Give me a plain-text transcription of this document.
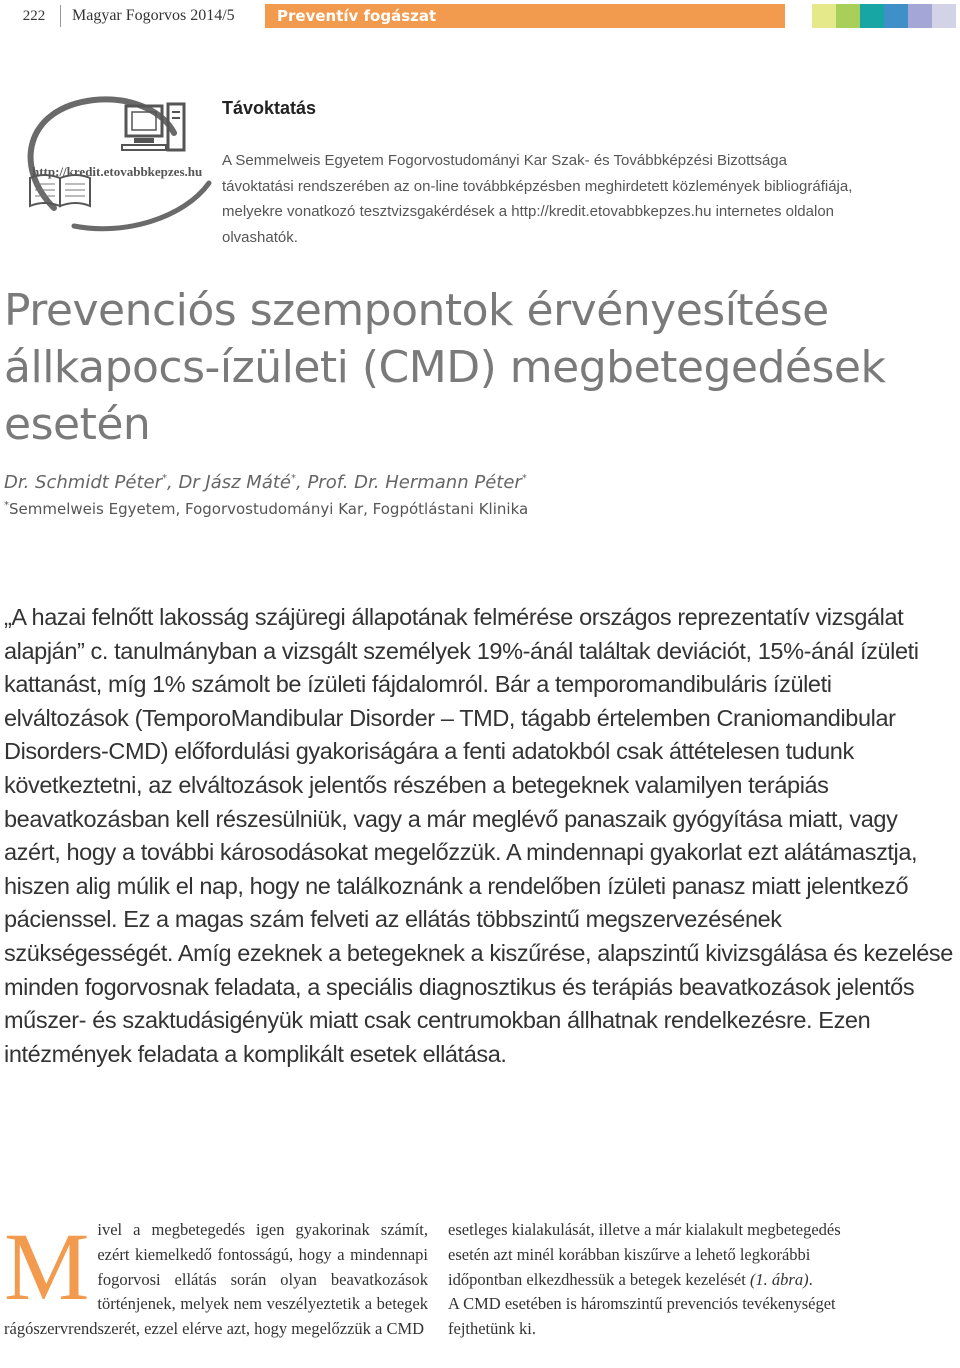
222	Magyar Fogorvos 2014/5	Preventív fogászat
http://kredit.etovabbkepzes.hu
Távoktatás
A Semmelweis Egyetem Fogorvostudományi Kar Szak- és Továbbképzési Bizottsága távoktatási rendszerében az on-line továbbképzésben meghirdetett közlemények bibliográfiája, melyekre vonatkozó tesztvizsgakérdések a http://kredit.etovabbkepzes.hu internetes oldalon olvashatók.
Prevenciós szempontok érvényesítése állkapocs-ízületi (CMD) megbetegedések esetén
Dr. Schmidt Péter*, Dr Jász Máté*, Prof. Dr. Hermann Péter*
*Semmelweis Egyetem, Fogorvostudományi Kar, Fogpótlástani Klinika
„A hazai felnőtt lakosság szájüregi állapotának felmérése országos reprezentatív vizsgálat alapján” c. tanulmányban a vizsgált személyek 19%-ánál találtak deviációt, 15%-ánál ízületi kattanást, míg 1% számolt be ízületi fájdalomról. Bár a temporomandibuláris ízületi elváltozások (TemporoMandibular Disorder – TMD, tágabb értelemben Craniomandibular Disorders-CMD) előfordulási gyakoriságára a fenti adatokból csak áttételesen tudunk következtetni, az elváltozások jelentős részében a betegeknek valamilyen terápiás beavatkozásban kell részesülniük, vagy a már meglévő panaszaik gyógyítása miatt, vagy azért, hogy a további károsodásokat megelőzzük. A mindennapi gyakorlat ezt alátámasztja, hiszen alig múlik el nap, hogy ne találkoznánk a rendelőben ízületi panasz miatt jelentkező pácienssel. Ez a magas szám felveti az ellátás többszintű megszervezésének szükségességét. Amíg ezeknek a betegeknek a kiszűrése, alapszintű kivizsgálása és kezelése minden fogorvosnak feladata, a speciális diagnosztikus és terápiás beavatkozások jelentős műszer- és szaktudásigényük miatt csak centrumokban állhatnak rendelkezésre. Ezen intézmények feladata a komplikált esetek ellátása.
M ivel a megbetegedés igen gyakorinak számít, ezért kiemelkedő fontosságú, hogy a mindennapi fogorvosi ellátás során olyan beavatkozások történjenek, melyek nem veszélyeztetik a betegek rágószervrendszerét, ezzel elérve azt, hogy megelőzzük a CMD

esetleges kialakulását, illetve a már kialakult megbetegedés esetén azt minél korábban kiszűrve a lehető legkorábbi időpontban elkezdhessük a betegek kezelését (1. ábra).

A CMD esetében is háromszintű prevenciós tevékenységet fejthetünk ki.
